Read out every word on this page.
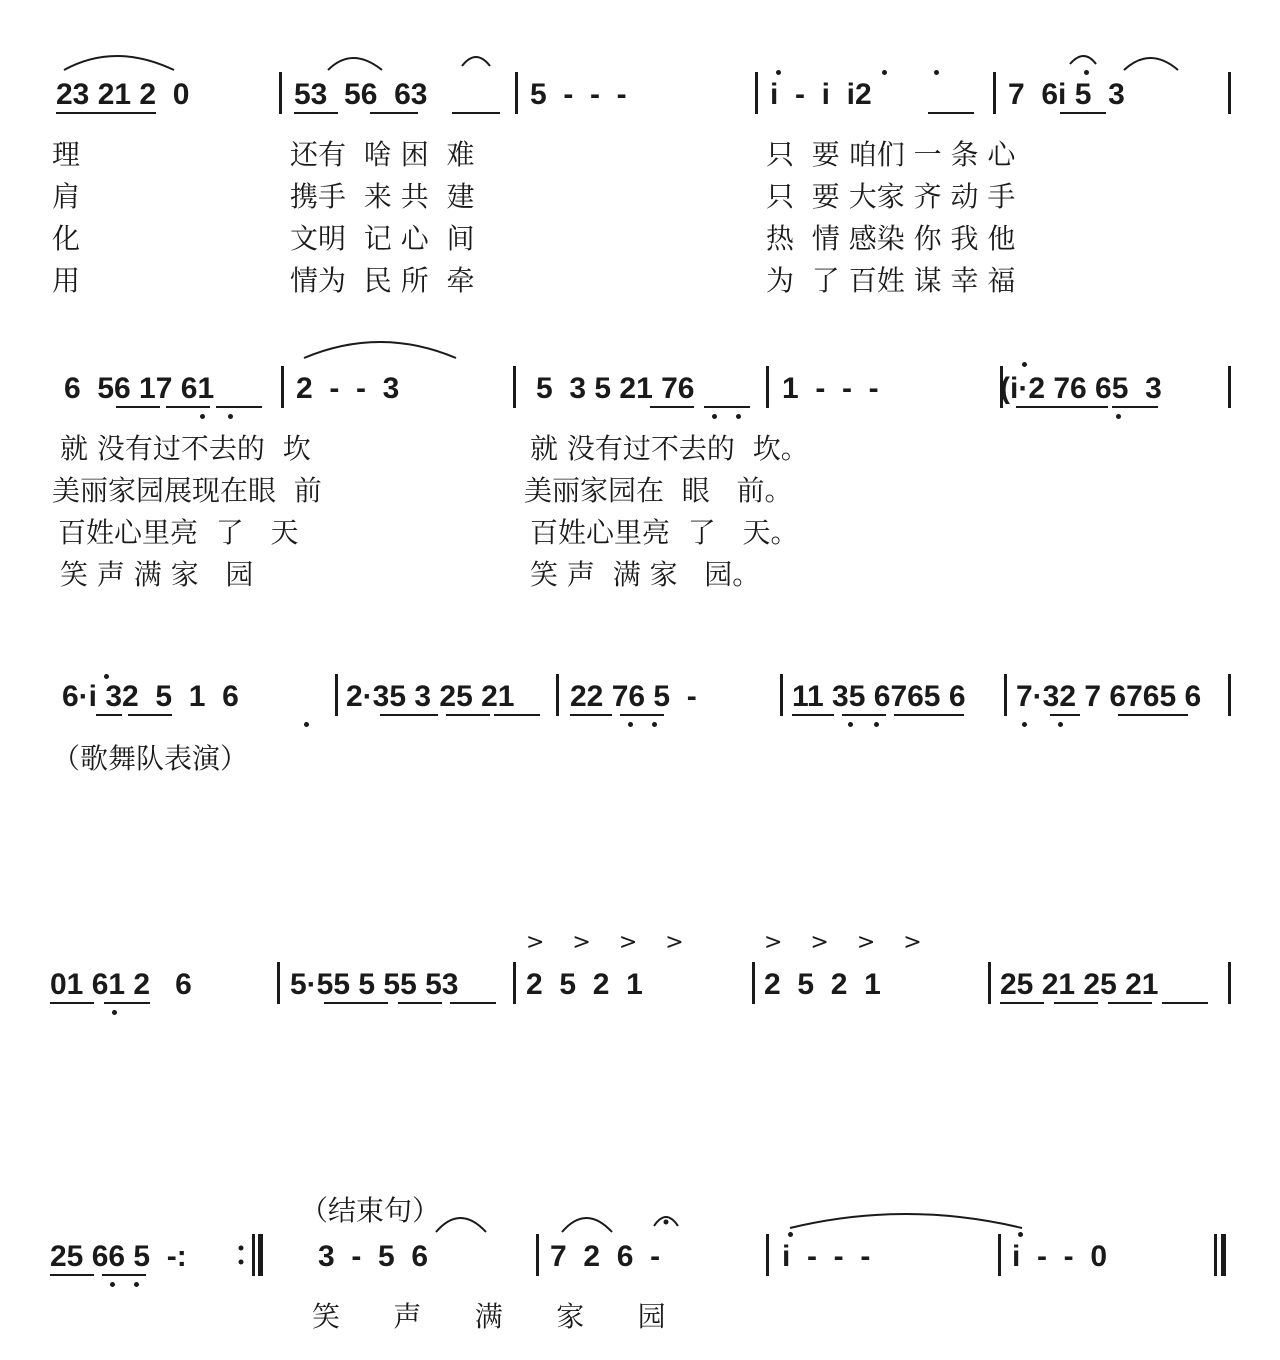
23 21 2  0	53  56  63	5  -  -  -	i  -  i  i2	7  6i 5  3
理	还有  啥 困  难	只  要 咱们 一 条 心
肩	携手  来 共  建	只  要 大家 齐 动 手
化	文明  记 心  间	热  情 感染 你 我 他
用	情为  民 所  牵	为  了 百姓 谋 幸 福
6  56 17 61	2  -  -  3	5  3 5 21 76	1  -  -  -	(i·2 76 65  3
就 没有过不去的  坎	就 没有过不去的  坎。
美丽家园展现在眼  前	美丽家园在  眼   前。
百姓心里亮  了   天	百姓心里亮  了   天。
笑 声 满 家   园	笑 声  满 家   园。
6·i 32  5  1  6	2·35 3 25 21 22 76 5  -	11 35 6765 6 7·32 7 6765 6
（歌舞队表演）
>    >    >    >	>    >    >    >
01 61 2   6	5·55 5 55 53 2  5  2  1	2  5  2  1	25 21 25 21
（结束句）
25 66 5  -:	3  -  5  6	7  2  6  -	i  -  -  -	i  -  -  0
笑      声      满      家      园
